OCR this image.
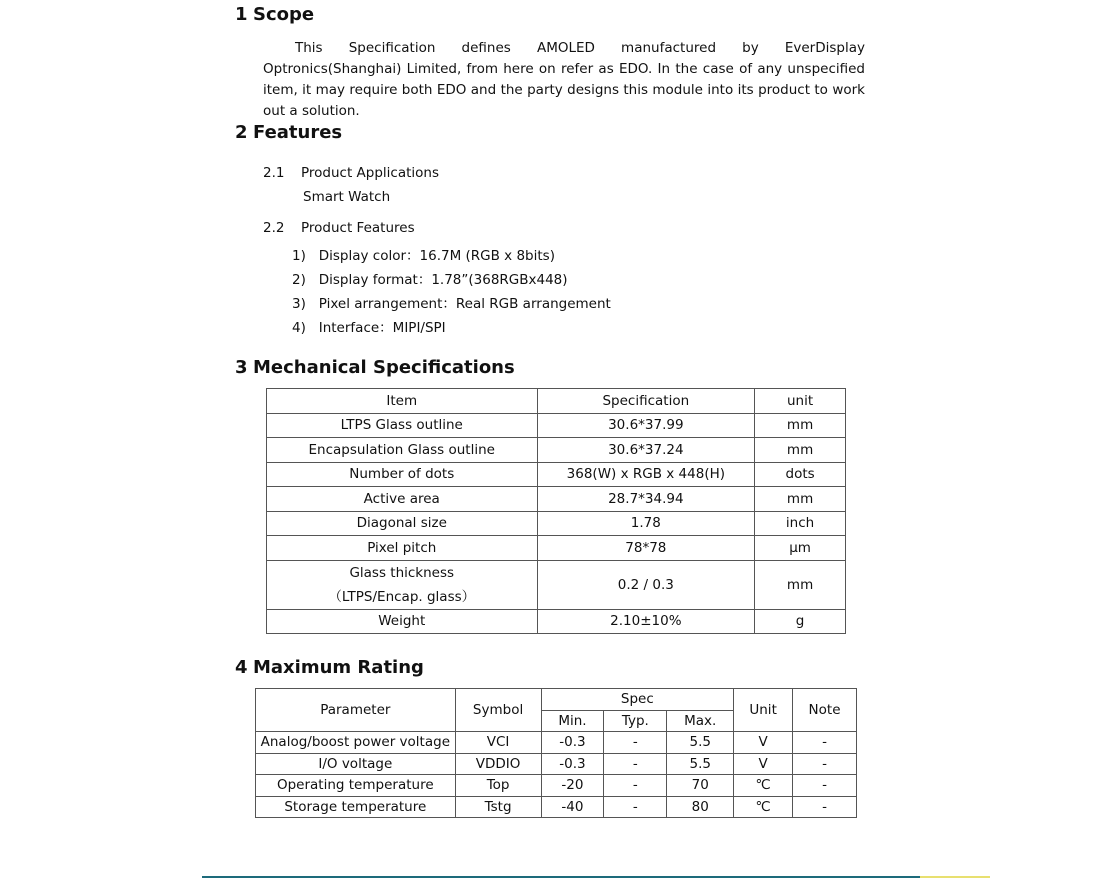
1 Scope
This Specification defines AMOLED manufactured by EverDisplay Optronics(Shanghai) Limited, from here on refer as EDO. In the case of any unspecified item, it may require both EDO and the party designs this module into its product to work out a solution.
2 Features
2.1 Product Applications
Smart Watch
2.2 Product Features
1)   Display color：16.7M (RGB x 8bits)
2)   Display format：1.78”(368RGBx448)
3)   Pixel arrangement：Real RGB arrangement
4)   Interface：MIPI/SPI
3 Mechanical Specifications
Item	Specification	unit
LTPS Glass outline	30.6*37.99	mm
Encapsulation Glass outline	30.6*37.24	mm
Number of dots	368(W) x RGB x 448(H)	dots
Active area	28.7*34.94	mm
Diagonal size	1.78	inch
Pixel pitch	78*78	μm

Glass thickness
（LTPS/Encap. glass）	0.2 / 0.3	mm
Weight	2.10±10%	g
4 Maximum Rating
Parameter	Symbol	Spec			Unit	Note
		Min.	Typ.	Max.		
Analog/boost power voltage	VCI	-0.3	-	5.5	V	-
I/O voltage	VDDIO	-0.3	-	5.5	V	-
Operating temperature	Top	-20	-	70	℃	-
Storage temperature	Tstg	-40	-	80	℃	-
